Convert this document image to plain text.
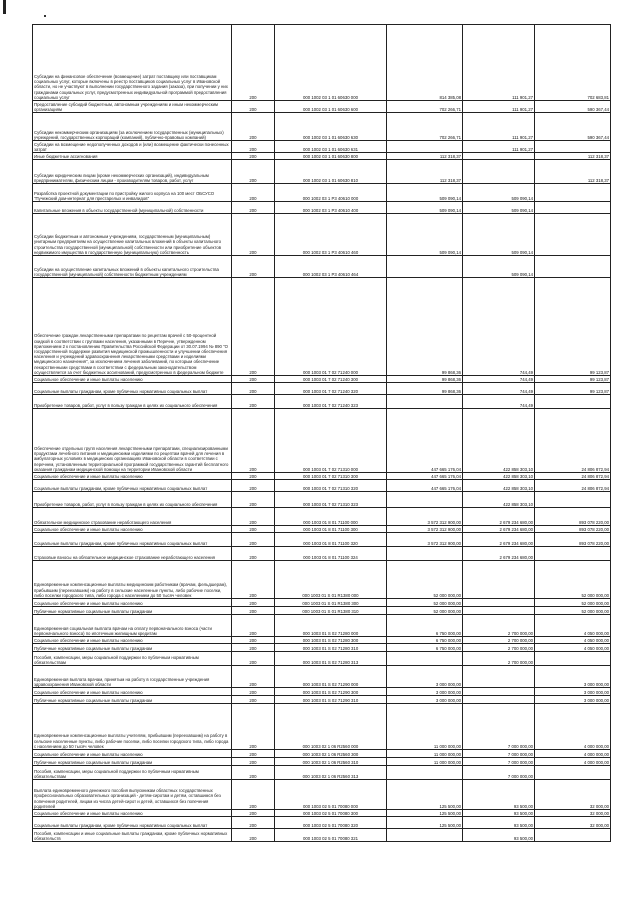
Субсидии на финансовое обеспечение (возмещение) затрат поставщику или поставщикам социальных услуг, которые включены в реестр поставщиков социальных услуг в Ивановской области, но не участвуют в выполнении государственного задания (заказа), при получении у них гражданами социальных услуг, предусмотренных индивидуальной программой предоставления социальных услуг	200	000 1002 03 1 01 60630 000	814 385,08	111 901,27	702 683,81
Предоставление субсидий бюджетным, автономным учреждениям и иным некоммерческим организациям	200	000 1002 03 1 01 60630 600	702 266,71	111 901,27	590 367,44
Субсидии некоммерческим организациям (за исключением государственных (муниципальных) учреждений, государственных корпораций (компаний), публично-правовых компаний)	200	000 1002 03 1 01 60630 630	702 266,71	111 901,27	590 367,44
Субсидии на возмещение недополученных доходов и (или) возмещение фактически понесенных затрат	200	000 1002 03 1 01 60630 631		111 901,27	
Иные бюджетные ассигнования	200	000 1002 03 1 01 60630 800	112 318,37		112 318,37
Субсидии юридическим лицам (кроме некоммерческих организаций), индивидуальным предпринимателям, физическим лицам - производителям товаров, работ, услуг	200	000 1002 03 1 01 60630 810	112 318,37		112 318,37
Разработка проектной документации по пристройку жилого корпуса на 100 мест ОБСУСО "Пучежский дом-интернат для престарелых и инвалидов"	200	000 1002 03 1 P3 40610 000	509 090,14	509 090,14	
Капитальные вложения в объекты государственной (муниципальной) собственности	200	000 1002 03 1 P3 40610 400	509 090,14	509 090,14	
Субсидии бюджетным и автономным учреждениям, государственным (муниципальным) унитарным предприятиям на осуществление капитальных вложений в объекты капитального строительства государственной (муниципальной) собственности или приобретение объектов недвижимого имущества в государственную (муниципальную) собственность	200	000 1002 03 1 P3 40610 460	509 090,14	509 090,14	
Субсидии на осуществление капитальных вложений в объекты капитального строительства государственной (муниципальной) собственности бюджетным учреждениям	200	000 1002 03 1 P3 40610 464		509 090,14	
Обеспечение граждан лекарственными препаратами по рецептам врачей с 50-процентной скидкой в соответствии с группами населения, указанными в Перечне, утвержденном приложением 2 к постановлению Правительства Российской Федерации от 30.07.1994 № 890 "О государственной поддержке развития медицинской промышленности и улучшении обеспечения населения и учреждений здравоохранения лекарственными средствами и изделиями медицинского назначения", за исключением лечения заболеваний, по которым обеспечение лекарственными средствами в соответствии с федеральным законодательством осуществляется за счет бюджетных ассигнований, предусмотренных в федеральном бюджете	200	000 1003 01 7 02 71240 000	99 868,36	744,49	99 123,87
Социальное обеспечение и иные выплаты населению	200	000 1003 01 7 02 71240 300	99 868,36	744,49	99 123,87
Социальные выплаты гражданам, кроме публичных нормативных социальных выплат	200	000 1003 01 7 02 71240 320	99 868,36	744,49	99 123,87
Приобретение товаров, работ, услуг в пользу граждан в целях их социального обеспечения	200	000 1003 01 7 02 71240 323		744,49	
Обеспечение отдельных групп населения лекарственными препаратами, специализированными продуктами лечебного питания и медицинскими изделиями по рецептам врачей для лечения в амбулаторных условиях в медицинских организациях Ивановской области в соответствии с перечнем, установленным территориальной программой государственных гарантий бесплатного оказания гражданам медицинской помощи на территории Ивановской области	200	000 1003 01 7 02 71310 000	447 665 176,04	422 858 303,10	24 806 872,94
Социальное обеспечение и иные выплаты населению	200	000 1003 01 7 02 71310 300	447 665 176,04	422 858 303,10	24 806 872,94
Социальные выплаты гражданам, кроме публичных нормативных социальных выплат	200	000 1003 01 7 02 71310 320	447 665 176,04	422 858 303,10	24 806 872,94
Приобретение товаров, работ, услуг в пользу граждан в целях их социального обеспечения	200	000 1003 01 7 02 71310 323		422 858 303,10	
Обязательное медицинское страхование неработающего населения	200	000 1003 01 8 01 71100 000	3 572 312 900,00	2 679 234 680,00	893 078 220,00
Социальное обеспечение и иные выплаты населению	200	000 1003 01 8 01 71100 300	3 572 312 900,00	2 679 234 680,00	893 078 220,00
Социальные выплаты гражданам, кроме публичных нормативных социальных выплат	200	000 1003 01 8 01 71100 320	3 572 312 900,00	2 679 234 680,00	893 078 220,00
Страховые взносы на обязательное медицинское страхование неработающего населения	200	000 1003 01 8 01 71100 324		2 679 234 680,00	
Единовременные компенсационные выплаты медицинским работникам (врачам, фельдшерам), прибывшим (переехавшим) на работу в сельские населенные пункты, либо рабочие поселки, либо поселки городского типа, либо города с населением до 50 тысяч человек	200	000 1003 01 S 01 R1380 000	52 000 000,00		52 000 000,00
Социальное обеспечение и иные выплаты населению	200	000 1003 01 S 01 R1380 300	52 000 000,00		52 000 000,00
Публичные нормативные социальные выплаты гражданам	200	000 1003 01 S 01 R1380 310	52 000 000,00		52 000 000,00
Единовременная социальная выплата врачам на оплату первоначального взноса (части первоначального взноса) по ипотечным жилищным кредитам	200	000 1003 01 S 02 71280 000	6 750 000,00	2 700 000,00	4 050 000,00
Социальное обеспечение и иные выплаты населению	200	000 1003 01 S 02 71280 300	6 750 000,00	2 700 000,00	4 050 000,00
Публичные нормативные социальные выплаты гражданам	200	000 1003 01 S 02 71280 310	6 750 000,00	2 700 000,00	4 050 000,00
Пособия, компенсации, меры социальной поддержки по публичным нормативным обязательствам	200	000 1003 01 S 02 71280 313		2 700 000,00	
Единовременная выплата врачам, принятым на работу в государственные учреждения здравоохранения Ивановской области	200	000 1003 01 S 02 71290 000	3 000 000,00		3 000 000,00
Социальное обеспечение и иные выплаты населению	200	000 1003 01 S 02 71290 300	3 000 000,00		3 000 000,00
Публичные нормативные социальные выплаты гражданам	200	000 1003 01 S 02 71290 310	3 000 000,00		3 000 000,00
Единовременные компенсационные выплаты учителям, прибывшим (переехавшим) на работу в сельские населенные пункты, либо рабочие поселки, либо поселки городского типа, либо города с населением до 50 тысяч человек	200	000 1003 02 1 06 R2560 000	11 000 000,00	7 000 000,00	4 000 000,00
Социальное обеспечение и иные выплаты населению	200	000 1003 02 1 06 R2560 300	11 000 000,00	7 000 000,00	4 000 000,00
Публичные нормативные социальные выплаты гражданам	200	000 1003 02 1 06 R2560 310	11 000 000,00	7 000 000,00	4 000 000,00
Пособия, компенсации, меры социальной поддержки по публичным нормативным обязательствам	200	000 1003 02 1 06 R2560 313		7 000 000,00	
Выплата единовременного денежного пособия выпускникам областных государственных профессиональных образовательных организаций - детям-сиротам и детям, оставшимся без попечения родителей, лицам из числа детей-сирот и детей, оставшихся без попечения родителей	200	000 1003 02 5 01 70080 000	125 500,00	93 500,00	32 000,00
Социальное обеспечение и иные выплаты населению	200	000 1003 02 5 01 70080 300	125 500,00	93 500,00	32 000,00
Социальные выплаты гражданам, кроме публичных нормативных социальных выплат	200	000 1003 02 5 01 70080 320	125 500,00	93 500,00	32 000,00
Пособия, компенсации и иные социальные выплаты гражданам, кроме публичных нормативных обязательств	200	000 1003 02 5 01 70080 321		93 500,00	
